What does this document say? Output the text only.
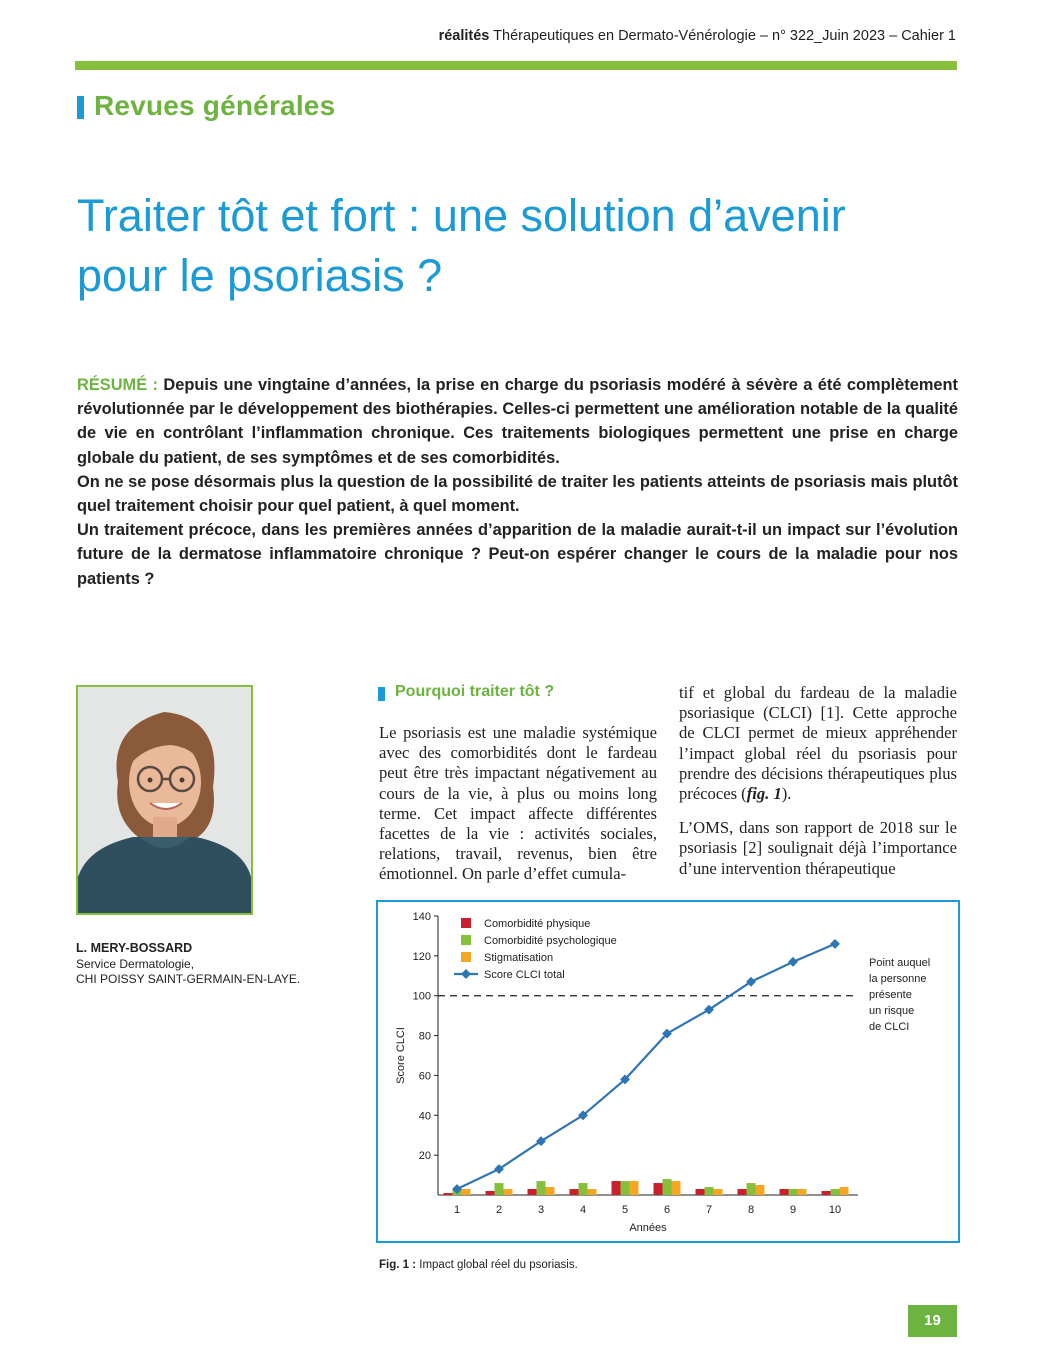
réalités Thérapeutiques en Dermato-Vénérologie – n° 322_Juin 2023 – Cahier 1
Revues générales
Traiter tôt et fort : une solution d’avenir
pour le psoriasis ?

RÉSUMÉ : Depuis une vingtaine d’années, la prise en charge du psoriasis modéré à sévère a été complètement révolutionnée par le développement des biothérapies. Celles-ci permettent une amélioration notable de la qualité de vie en contrôlant l’inflammation chronique. Ces traitements biologiques permettent une prise en charge globale du patient, de ses symptômes et de ses comorbidités.

On ne se pose désormais plus la question de la possibilité de traiter les patients atteints de psoriasis mais plutôt quel traitement choisir pour quel patient, à quel moment.

Un traitement précoce, dans les premières années d’apparition de la maladie aurait-t-il un impact sur l’évolution future de la dermatose inflammatoire chronique ? Peut-on espérer changer le cours de la maladie pour nos patients ?

L. MERY-BOSSARD
Service Dermatologie,
CHI POISSY SAINT-GERMAIN-EN-LAYE.
Pourquoi traiter tôt ?

Le psoriasis est une maladie systémique avec des comorbidités dont le fardeau peut être très impactant négativement au cours de la vie, à plus ou moins long terme. Cet impact affecte différentes facettes de la vie : activités sociales, relations, travail, revenus, bien être émotionnel. On parle d’effet cumula-

tif et global du fardeau de la maladie psoriasique (CLCI) [1]. Cette approche de CLCI permet de mieux appréhender l’impact global réel du psoriasis pour prendre des décisions thérapeutiques plus précoces (fig. 1).

L’OMS, dans son rapport de 2018 sur le psoriasis [2] soulignait déjà l’importance d’une intervention thérapeutique

20
40
60
80
100
120
140
1	2	3	4	5	6	7	8	9	10
Années
Score CLCI
Point auquel
la personne
présente
un risque
de CLCI
Comorbidité physique
Comorbidité psychologique
Stigmatisation
Score CLCI total
Fig. 1 : Impact global réel du psoriasis.
19
